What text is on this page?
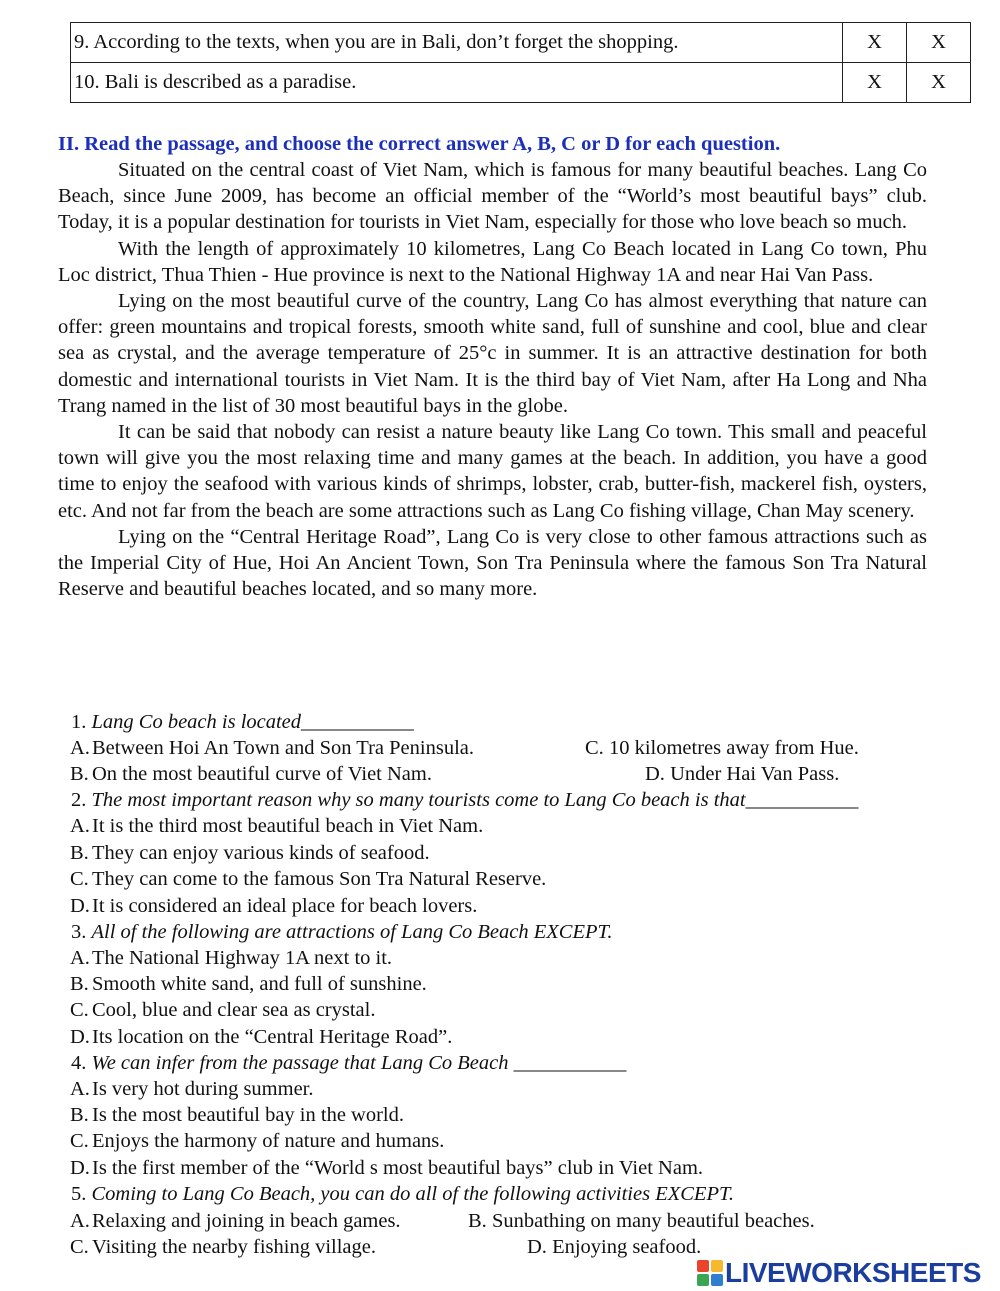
9. According to the texts, when you are in Bali, don’t forget the shopping.	X	X
10. Bali is described as a paradise.	X	X
II. Read the passage, and choose the correct answer A, B, C or D for each question.

Situated on the central coast of Viet Nam, which is famous for many beautiful beaches. Lang Co Beach, since June 2009, has become an official member of the “World’s most beautiful bays” club. Today, it is a popular destination for tourists in Viet Nam, especially for those who love beach so much.

With the length of approximately 10 kilometres, Lang Co Beach located in Lang Co town, Phu Loc district, Thua Thien - Hue province is next to the National Highway 1A and near Hai Van Pass.

Lying on the most beautiful curve of the country, Lang Co has almost everything that nature can offer: green mountains and tropical forests, smooth white sand, full of sunshine and cool, blue and clear sea as crystal, and the average temperature of 25°c in summer. It is an attractive destination for both domestic and international tourists in Viet Nam. It is the third bay of Viet Nam, after Ha Long and Nha Trang named in the list of 30 most beautiful bays in the globe.

It can be said that nobody can resist a nature beauty like Lang Co town. This small and peaceful town will give you the most relaxing time and many games at the beach. In addition, you have a good time to enjoy the seafood with various kinds of shrimps, lobster, crab, butter-fish, mackerel fish, oysters, etc. And not far from the beach are some attractions such as Lang Co fishing village, Chan May scenery.

Lying on the “Central Heritage Road”, Lang Co is very close to other famous attractions such as the Imperial City of Hue, Hoi An Ancient Town, Son Tra Peninsula where the famous Son Tra Natural Reserve and beautiful beaches located, and so many more.

1. Lang Co beach is located___________
A. Between Hoi An Town and Son Tra Peninsula.	C. 10 kilometres away from Hue.
B. On the most beautiful curve of Viet Nam.	D. Under Hai Van Pass.
2. The most important reason why so many tourists come to Lang Co beach is that___________
A. It is the third most beautiful beach in Viet Nam.
B. They can enjoy various kinds of seafood.
C. They can come to the famous Son Tra Natural Reserve.
D. It is considered an ideal place for beach lovers.
3. All of the following are attractions of Lang Co Beach EXCEPT.
A. The National Highway 1A next to it.
B. Smooth white sand, and full of sunshine.
C. Cool, blue and clear sea as crystal.
D. Its location on the “Central Heritage Road”.
4. We can infer from the passage that Lang Co Beach ___________
A. Is very hot during summer.
B. Is the most beautiful bay in the world.
C. Enjoys the harmony of nature and humans.
D. Is the first member of the “World s most beautiful bays” club in Viet Nam.
5. Coming to Lang Co Beach, you can do all of the following activities EXCEPT.
A. Relaxing and joining in beach games.	B. Sunbathing on many beautiful beaches.
C. Visiting the nearby fishing village.	D. Enjoying seafood.
LIVEWORKSHEETS
